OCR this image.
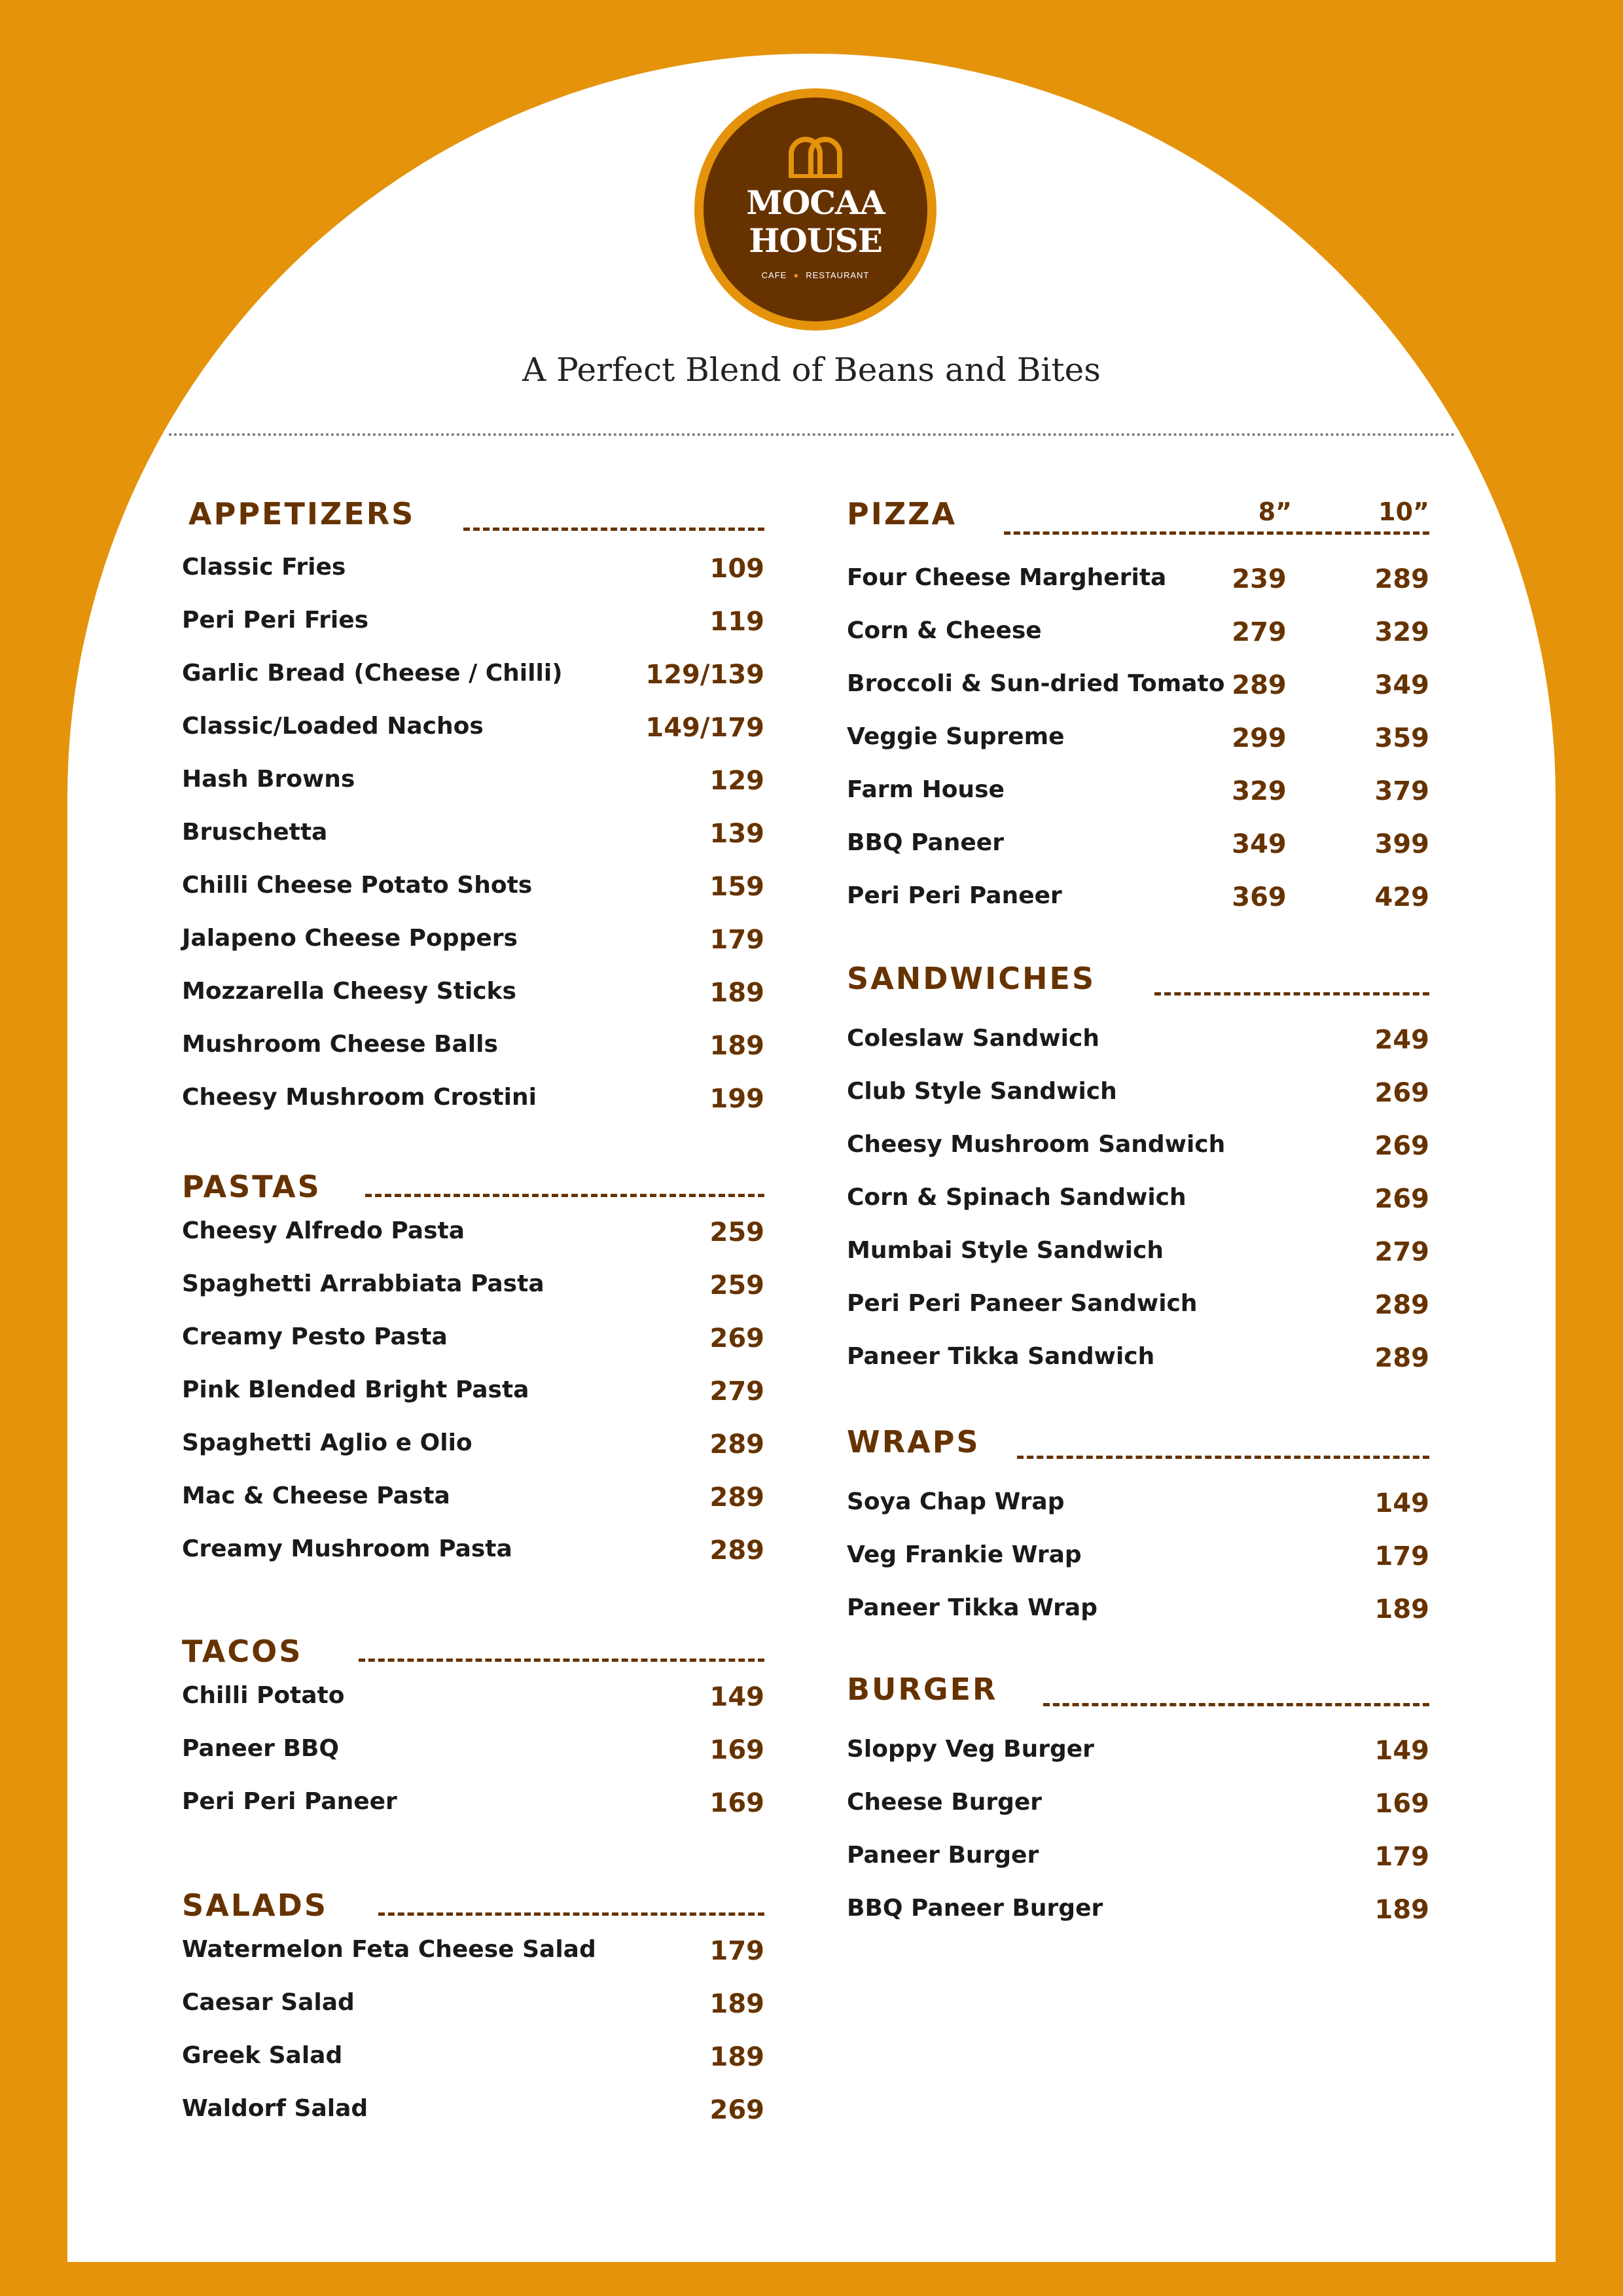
MOCAA
HOUSE
CAFE ● RESTAURANT
A Perfect Blend of Beans and Bites
APPETIZERS
Classic Fries	109
Peri Peri Fries	119
Garlic Bread (Cheese / Chilli)	129/139
Classic/Loaded Nachos	149/179
Hash Browns	129
Bruschetta	139
Chilli Cheese Potato Shots	159
Jalapeno Cheese Poppers	179
Mozzarella Cheesy Sticks	189
Mushroom Cheese Balls	189
Cheesy Mushroom Crostini	199
PASTAS
Cheesy Alfredo Pasta	259
Spaghetti Arrabbiata Pasta	259
Creamy Pesto Pasta	269
Pink Blended Bright Pasta	279
Spaghetti Aglio e Olio	289
Mac & Cheese Pasta	289
Creamy Mushroom Pasta	289
TACOS
Chilli Potato	149
Paneer BBQ	169
Peri Peri Paneer	169
SALADS
Watermelon Feta Cheese Salad	179
Caesar Salad	189
Greek Salad	189
Waldorf Salad	269
PIZZA	8”	10”
Four Cheese Margherita	239	289
Corn & Cheese	279	329
Broccoli & Sun-dried Tomato 289	349
Veggie Supreme	299	359
Farm House	329	379
BBQ Paneer	349	399
Peri Peri Paneer	369	429
SANDWICHES
Coleslaw Sandwich	249
Club Style Sandwich	269
Cheesy Mushroom Sandwich	269
Corn & Spinach Sandwich	269
Mumbai Style Sandwich	279
Peri Peri Paneer Sandwich	289
Paneer Tikka Sandwich	289
WRAPS
Soya Chap Wrap	149
Veg Frankie Wrap	179
Paneer Tikka Wrap	189
BURGER
Sloppy Veg Burger	149
Cheese Burger	169
Paneer Burger	179
BBQ Paneer Burger	189
